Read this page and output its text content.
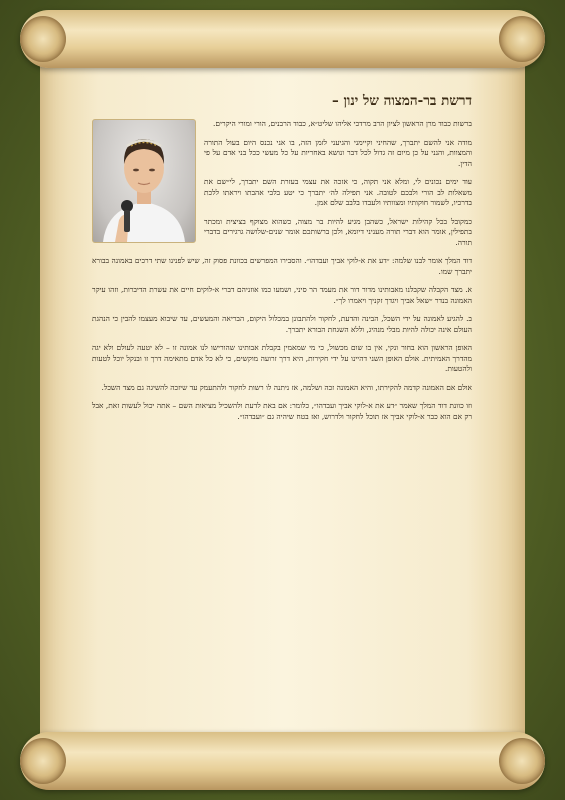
דרשת בר-המצוה של ינון –

ברשות כבוד מרן הראשון לציון הרב מרדכי אליהו שליט״א, כבוד הרבנים, הורי ומורי היקרים.

מודה אני להשם יתברך, שהחיני וקיימני והגיעני לזמן הזה, בו אני נכנס היום בעול התורה והמצוות, והנני על כן מיום זה גדול לכל דבר ונושא באחריות על כל מעשי ככל בני אדם על פי הדין.

עוד ימים נכונים לי, ומלא אני תקוה, כי אזכה את עצמי בעזרת השם יתברך, לי״שם את משאלות לב הורי ולבכם לטובה. אני תפילה לה׳ יתברך כי יטע בלבי אהבתו ויראתו ללכת בדרכיו, לשמור חוקותיו ומצוותיו ולעבדו בלבב שלם אמן.

כמקובל בכל קהילות ישראל, כשהבן מגיע להיות בר מצוה, כשהוא מצוקף בציצית ומכתר בתפילין, אומר הוא דברי תורה מעניני דיומא, ולכן ברשותכם אומר שנים-שלושה גרגירים בדברי תורה.

דוד המלך אומר לבנו שלמה: ״דע את א-לוקי אביך ועבדהו״. והסבירו המפרשים בכוונת פסוק זה, שיש לפנינו שתי דרכים באמונה בבורא יתברך שמו.

א. מצד הקבלה שקבלנו מאבותינו מדור דור את מעמד הר סיני, ושמעו כמו אוזניהם דברי א-לוקים חיים את עשרת הדיברות, וזהו עיקר האמונה בנדר ״שאל אביך ויגדך זקניך ויאמרו לך״.

ב. להגיע לאמונה על ידי השכל, הבינה והדעת, לחקור ולהתבונן במכלול היקום, הבריאה והמעשים, עד שיבוא מעצמו להבין כי הנהגת העולם אינה יכולה להיות מבלי מנהיג, וללא השגחת הבורא יתברך.

האופן הראשון הוא בחור ונקי, אין בו שום מכשול, כי מי שמאמין בקבלת אבותינו שהורישו לנו אמונה זו – לא יטעה לעולם ולא יגה מהדרך האמיתית. אולם האופן השני דהיינו על ידי חקירות, היא דרך זרועה מוקשים, כי לא כל אדם מתאימה דרך זו ובנקל יוכל לטעות ולהטעות.

אולם אם האמונה קדמה להקירתו, והיא האמונה זכה ושלמה, אז ניתנה לו רשות לחקור ולהתעמק עד שיזכה להשיגה גם מצד השכל.

וזו כוונת דוד המלך שאמר ״דע את א-לוקי אביך ועבדהו״, כלומר: אם באת לדעת ולהשכיל מציאות השם – אתה יכול לעשות זאת, אבל רק אם הוא כבר א-לוקי אביך אז תוכל לחקור ולדרוש, ואז בטח שיהיה גם ״ועבדהו״.
